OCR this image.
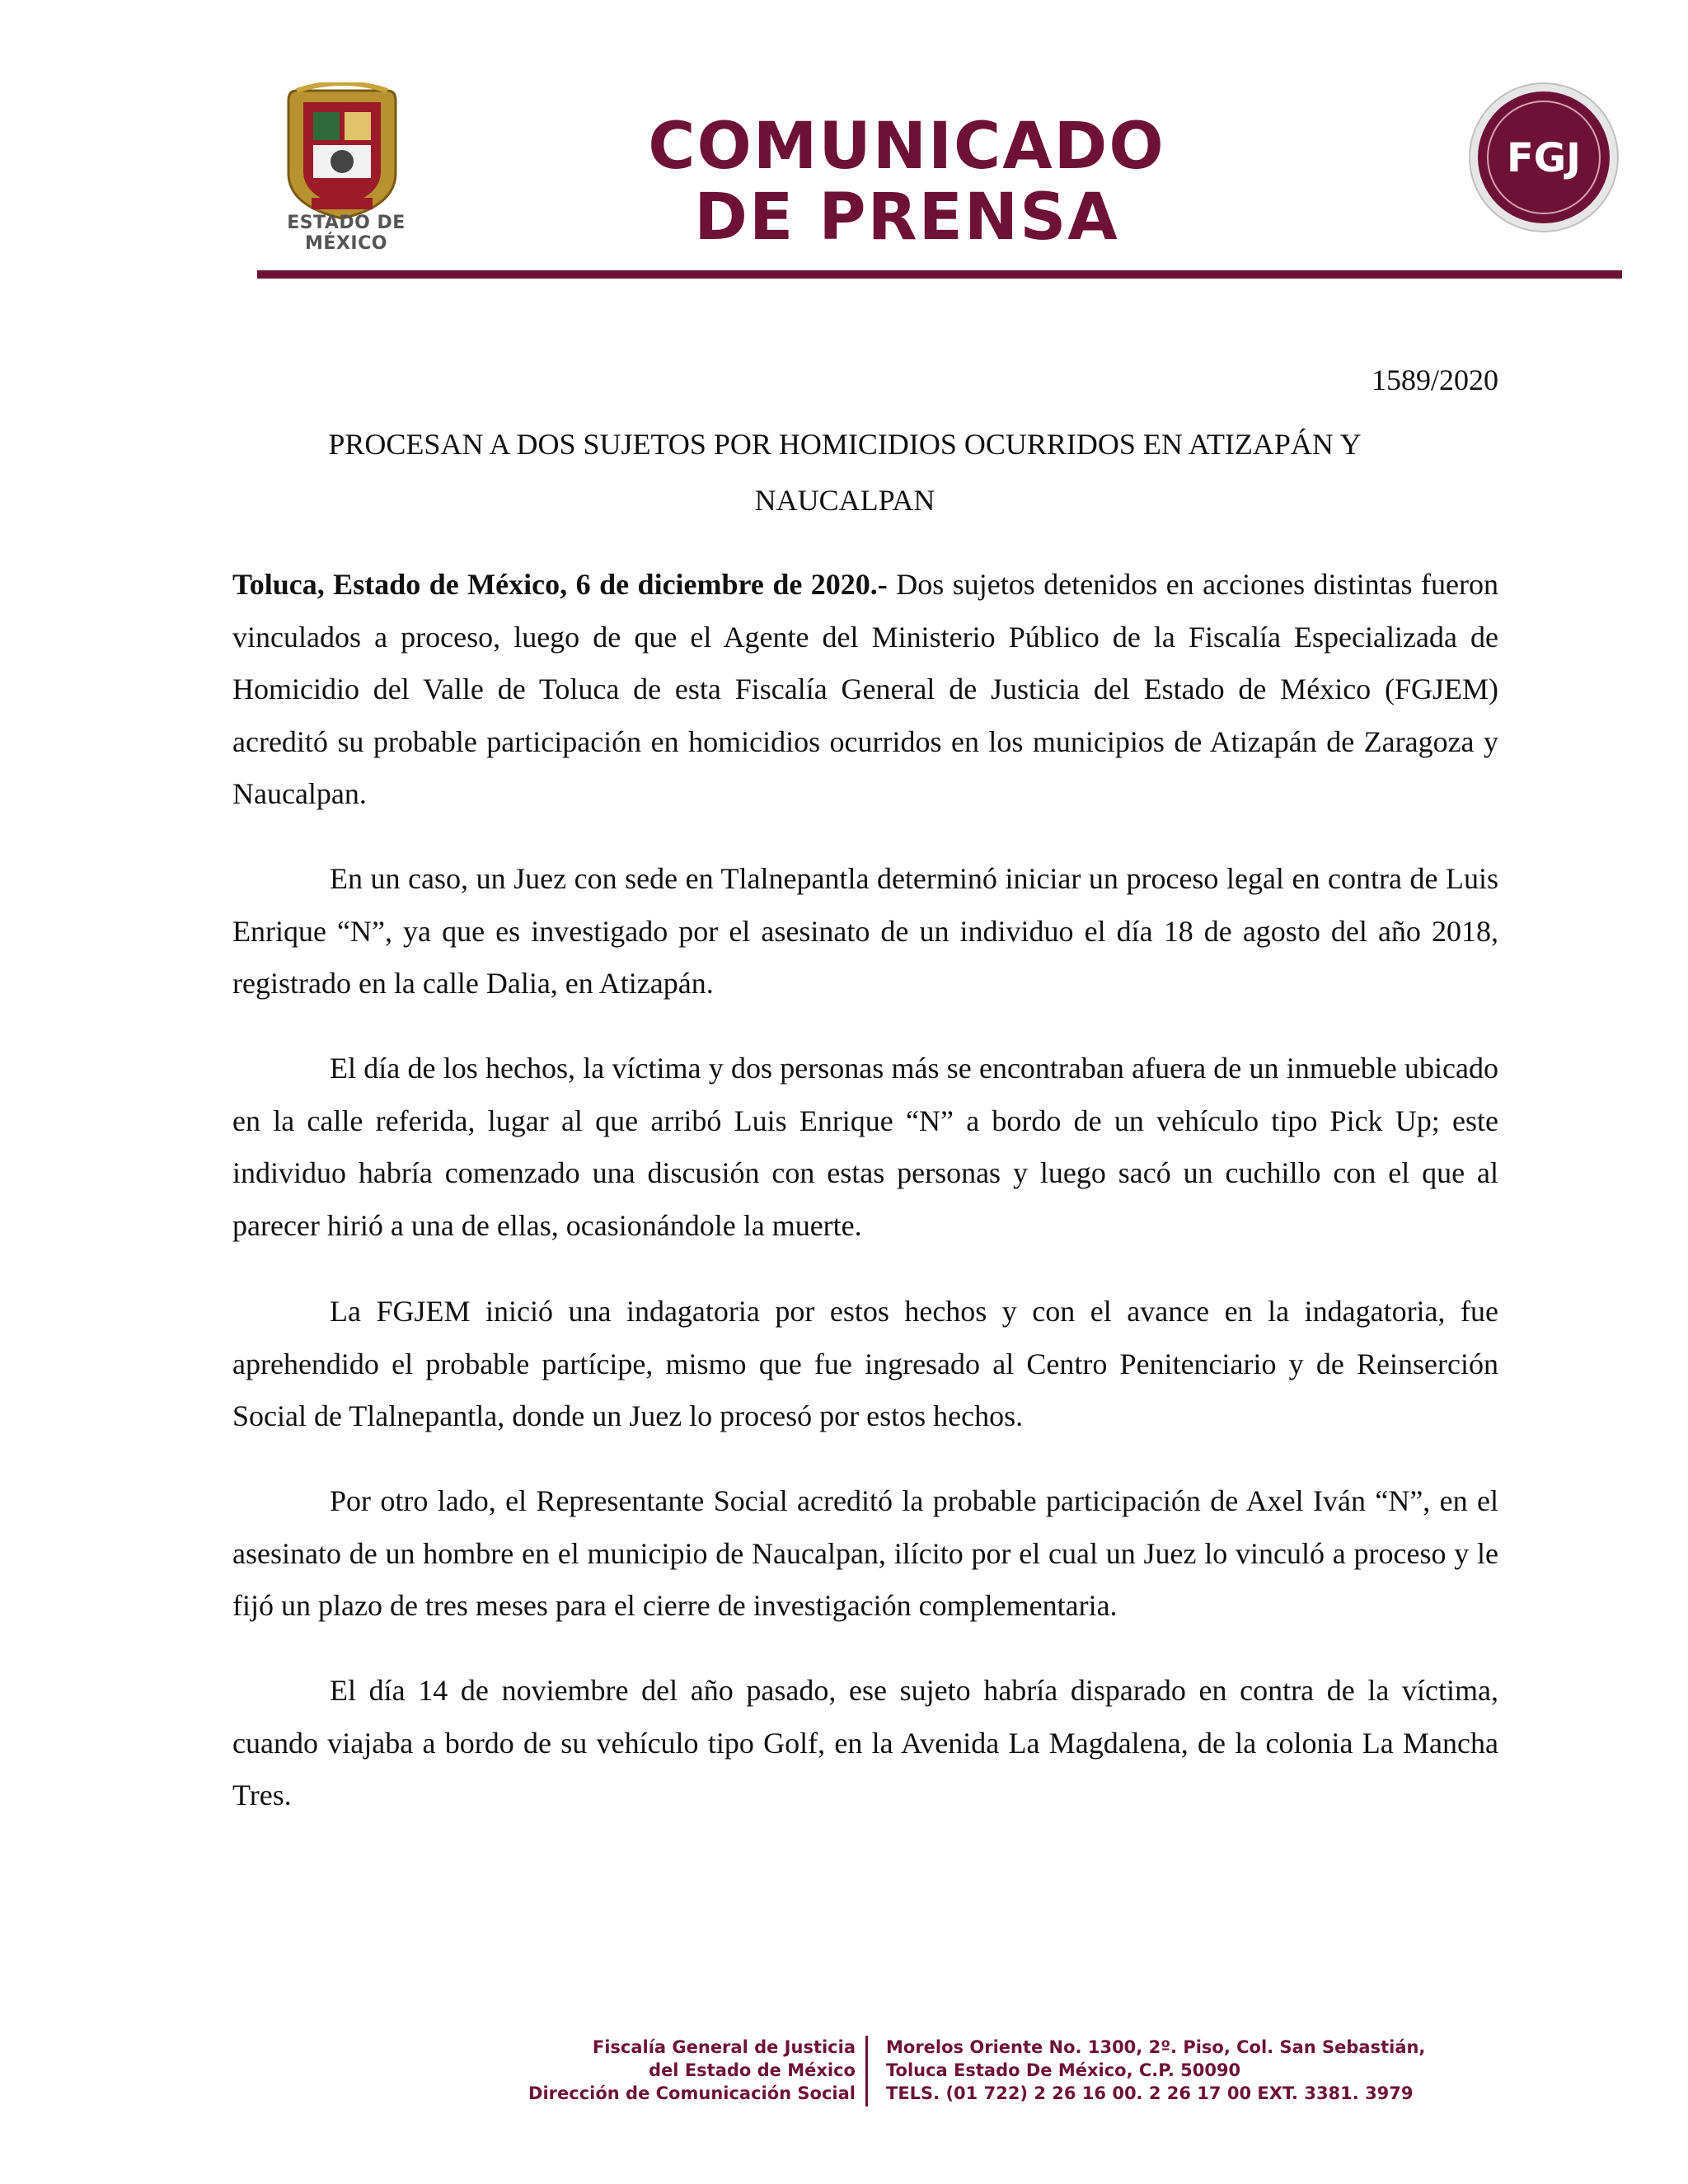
ESTADO DE MÉXICO
COMUNICADO
DE PRENSA
FGJ
1589/2020
PROCESAN A DOS SUJETOS POR HOMICIDIOS OCURRIDOS EN ATIZAPÁN Y NAUCALPAN

Toluca, Estado de México, 6 de diciembre de 2020.- Dos sujetos detenidos en acciones distintas fueron vinculados a proceso, luego de que el Agente del Ministerio Público de la Fiscalía Especializada de Homicidio del Valle de Toluca de esta Fiscalía General de Justicia del Estado de México (FGJEM) acreditó su probable participación en homicidios ocurridos en los municipios de Atizapán de Zaragoza y Naucalpan.

En un caso, un Juez con sede en Tlalnepantla determinó iniciar un proceso legal en contra de Luis Enrique “N”, ya que es investigado por el asesinato de un individuo el día 18 de agosto del año 2018, registrado en la calle Dalia, en Atizapán.

El día de los hechos, la víctima y dos personas más se encontraban afuera de un inmueble ubicado en la calle referida, lugar al que arribó Luis Enrique “N” a bordo de un vehículo tipo Pick Up; este individuo habría comenzado una discusión con estas personas y luego sacó un cuchillo con el que al parecer hirió a una de ellas, ocasionándole la muerte.

La FGJEM inició una indagatoria por estos hechos y con el avance en la indagatoria, fue aprehendido el probable partícipe, mismo que fue ingresado al Centro Penitenciario y de Reinserción Social de Tlalnepantla, donde un Juez lo procesó por estos hechos.

Por otro lado, el Representante Social acreditó la probable participación de Axel Iván “N”, en el asesinato de un hombre en el municipio de Naucalpan, ilícito por el cual un Juez lo vinculó a proceso y le fijó un plazo de tres meses para el cierre de investigación complementaria.

El día 14 de noviembre del año pasado, ese sujeto habría disparado en contra de la víctima, cuando viajaba a bordo de su vehículo tipo Golf, en la Avenida La Magdalena, de la colonia La Mancha Tres.

Fiscalía General de Justicia
del Estado de México
Dirección de Comunicación Social
Morelos Oriente No. 1300, 2º. Piso, Col. San Sebastián,
Toluca Estado De México, C.P. 50090
TELS. (01 722) 2 26 16 00. 2 26 17 00 EXT. 3381. 3979
